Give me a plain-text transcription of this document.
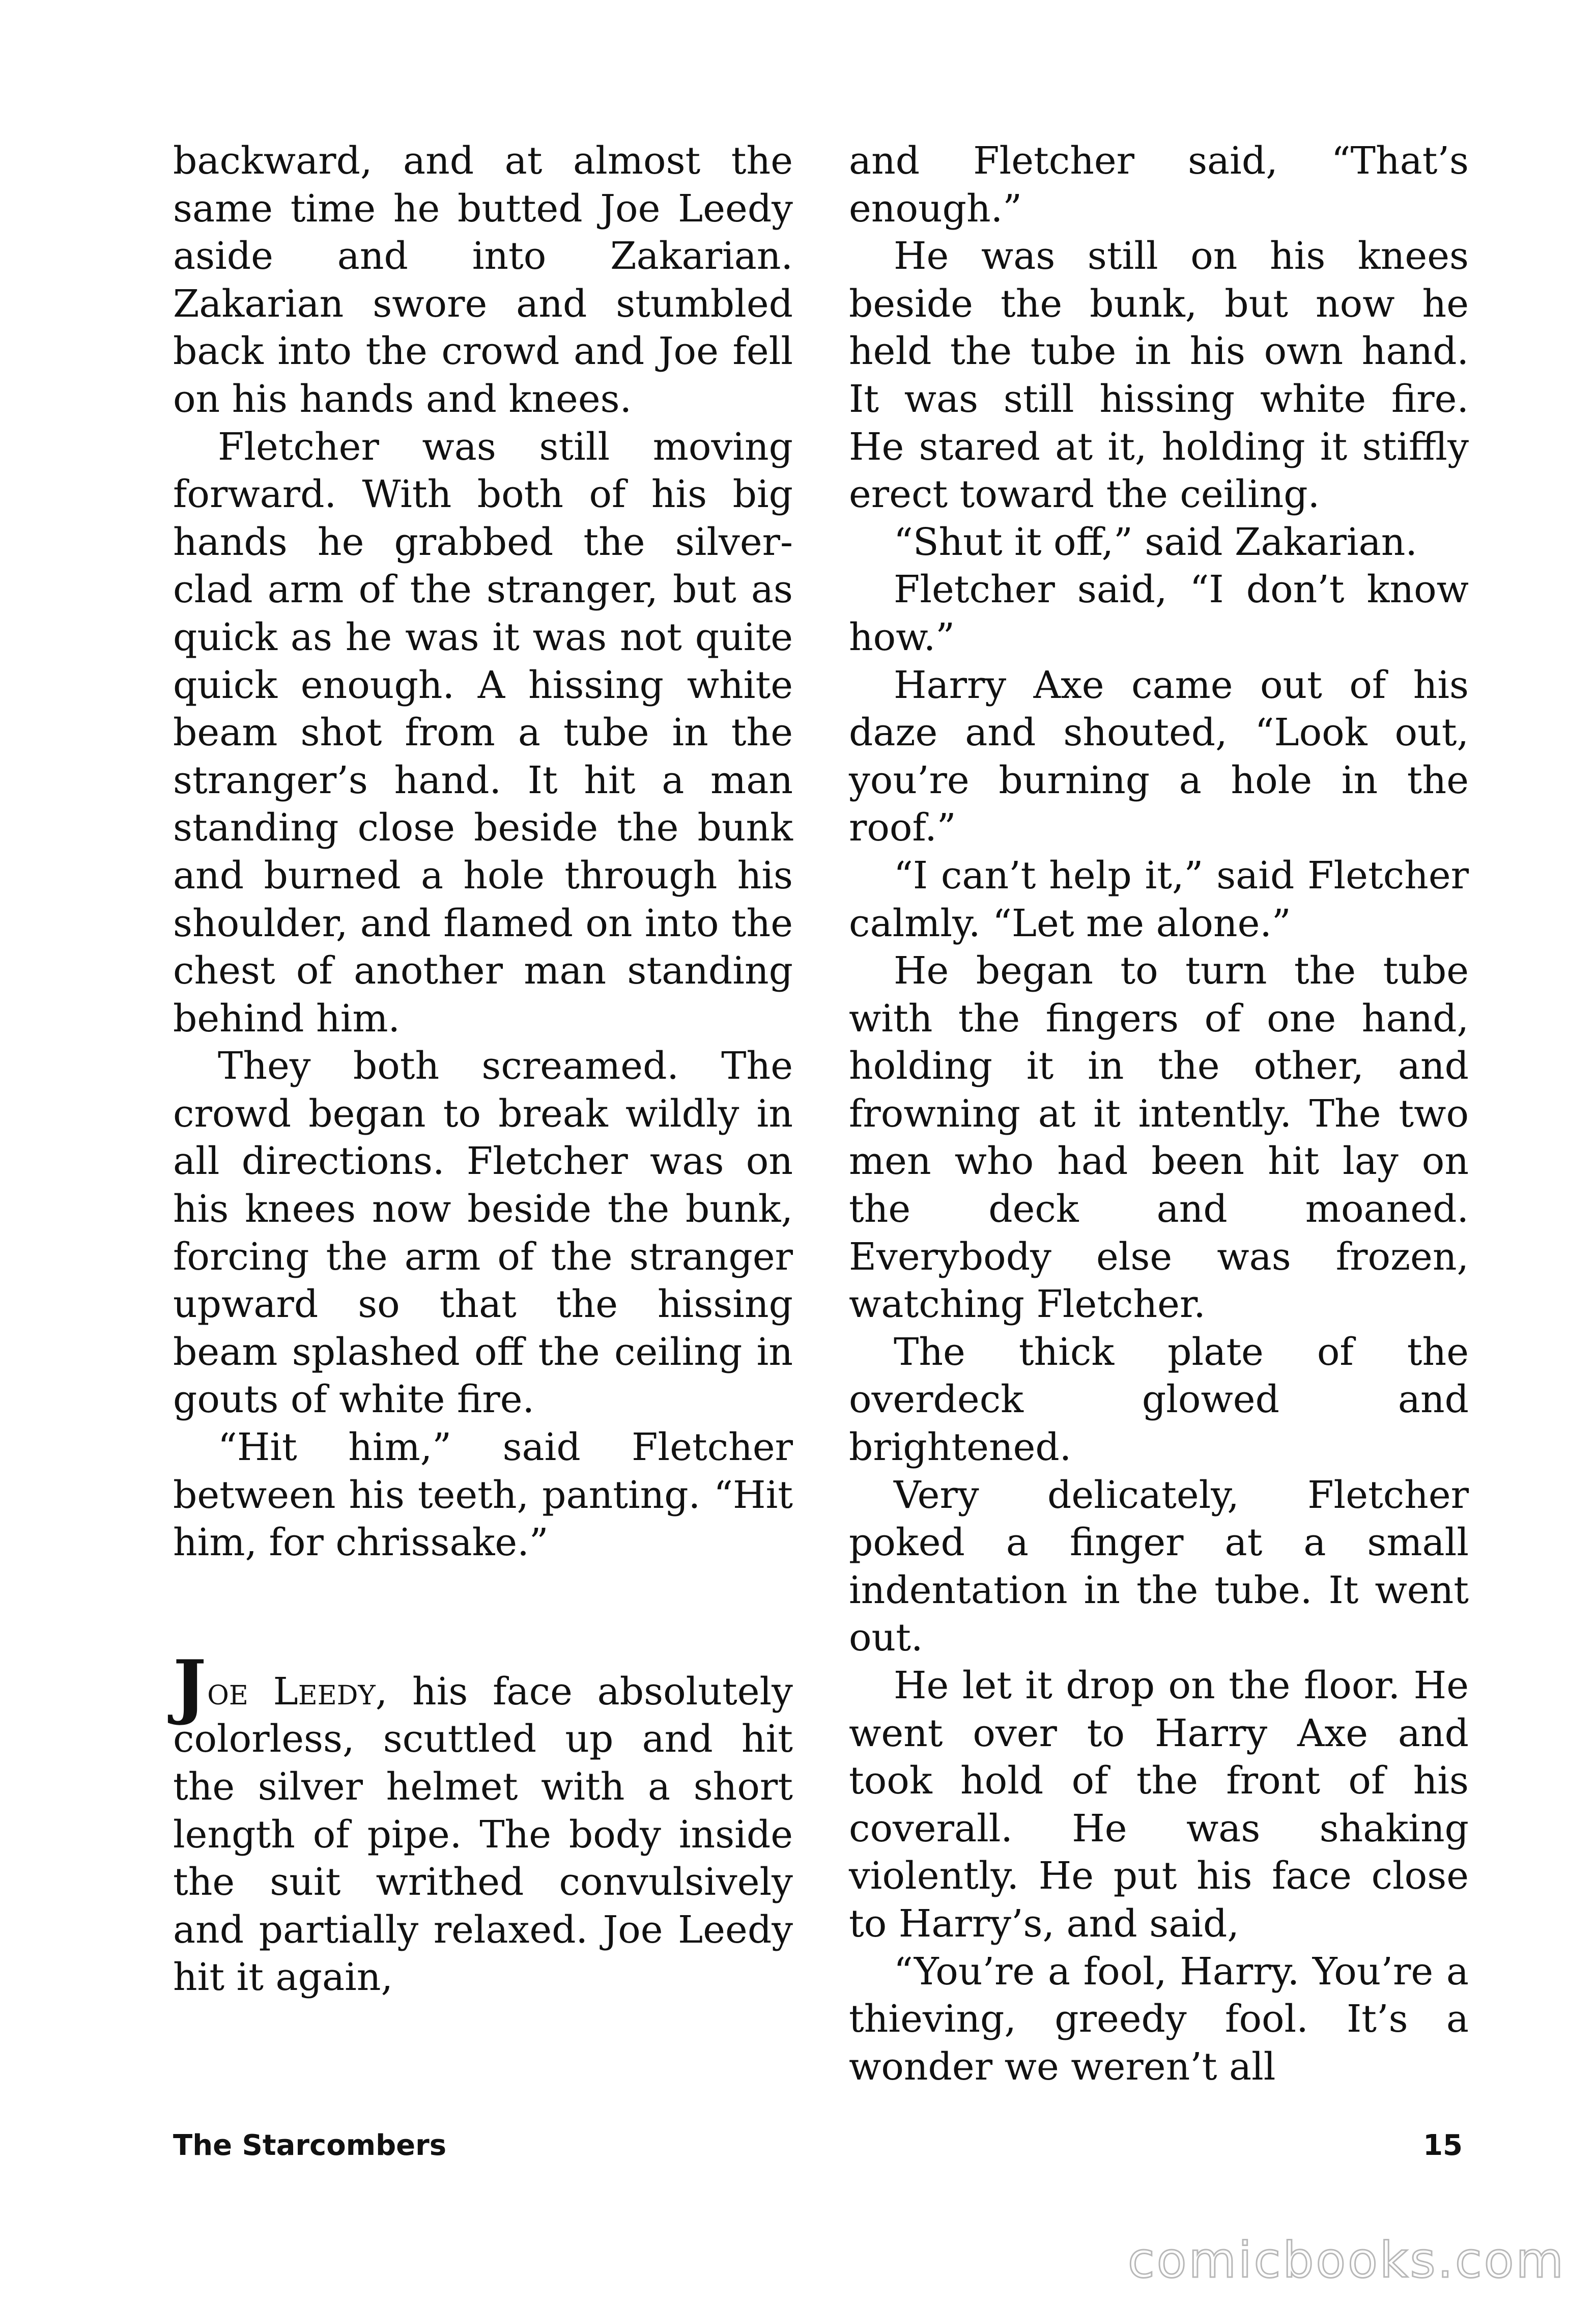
backward, and at almost the same time he butted Joe Leedy aside and into Zakarian. Zakarian swore and stumbled back into the crowd and Joe fell on his hands and knees.

Fletcher was still moving forward. With both of his big hands he grabbed the silver-clad arm of the stranger, but as quick as he was it was not quite quick enough. A hissing white beam shot from a tube in the stranger’s hand. It hit a man standing close beside the bunk and burned a hole through his shoulder, and flamed on into the chest of another man standing behind him.

They both screamed. The crowd began to break wildly in all directions. Fletcher was on his knees now beside the bunk, forcing the arm of the stranger upward so that the hissing beam splashed off the ceiling in gouts of white fire.

“Hit him,” said Fletcher between his teeth, panting. “Hit him, for chrissake.”

Joe Leedy, his face absolutely colorless, scuttled up and hit the silver helmet with a short length of pipe. The body inside the suit writhed convulsively and partially relaxed. Joe Leedy hit it again,

and Fletcher said, “That’s enough.”

He was still on his knees beside the bunk, but now he held the tube in his own hand. It was still hissing white fire. He stared at it, holding it stiffly erect toward the ceiling.

“Shut it off,” said Zakarian.

Fletcher said, “I don’t know how.”

Harry Axe came out of his daze and shouted, “Look out, you’re burning a hole in the roof.”

“I can’t help it,” said Fletcher calmly. “Let me alone.”

He began to turn the tube with the fingers of one hand, holding it in the other, and frowning at it intently. The two men who had been hit lay on the deck and moaned. Everybody else was frozen, watching Fletcher.

The thick plate of the overdeck glowed and brightened.

Very delicately, Fletcher poked a finger at a small indentation in the tube. It went out.

He let it drop on the floor. He went over to Harry Axe and took hold of the front of his coverall. He was shaking violently. He put his face close to Harry’s, and said,

“You’re a fool, Harry. You’re a thieving, greedy fool. It’s a wonder we weren’t all

The Starcombers	15
comicbooks.com
